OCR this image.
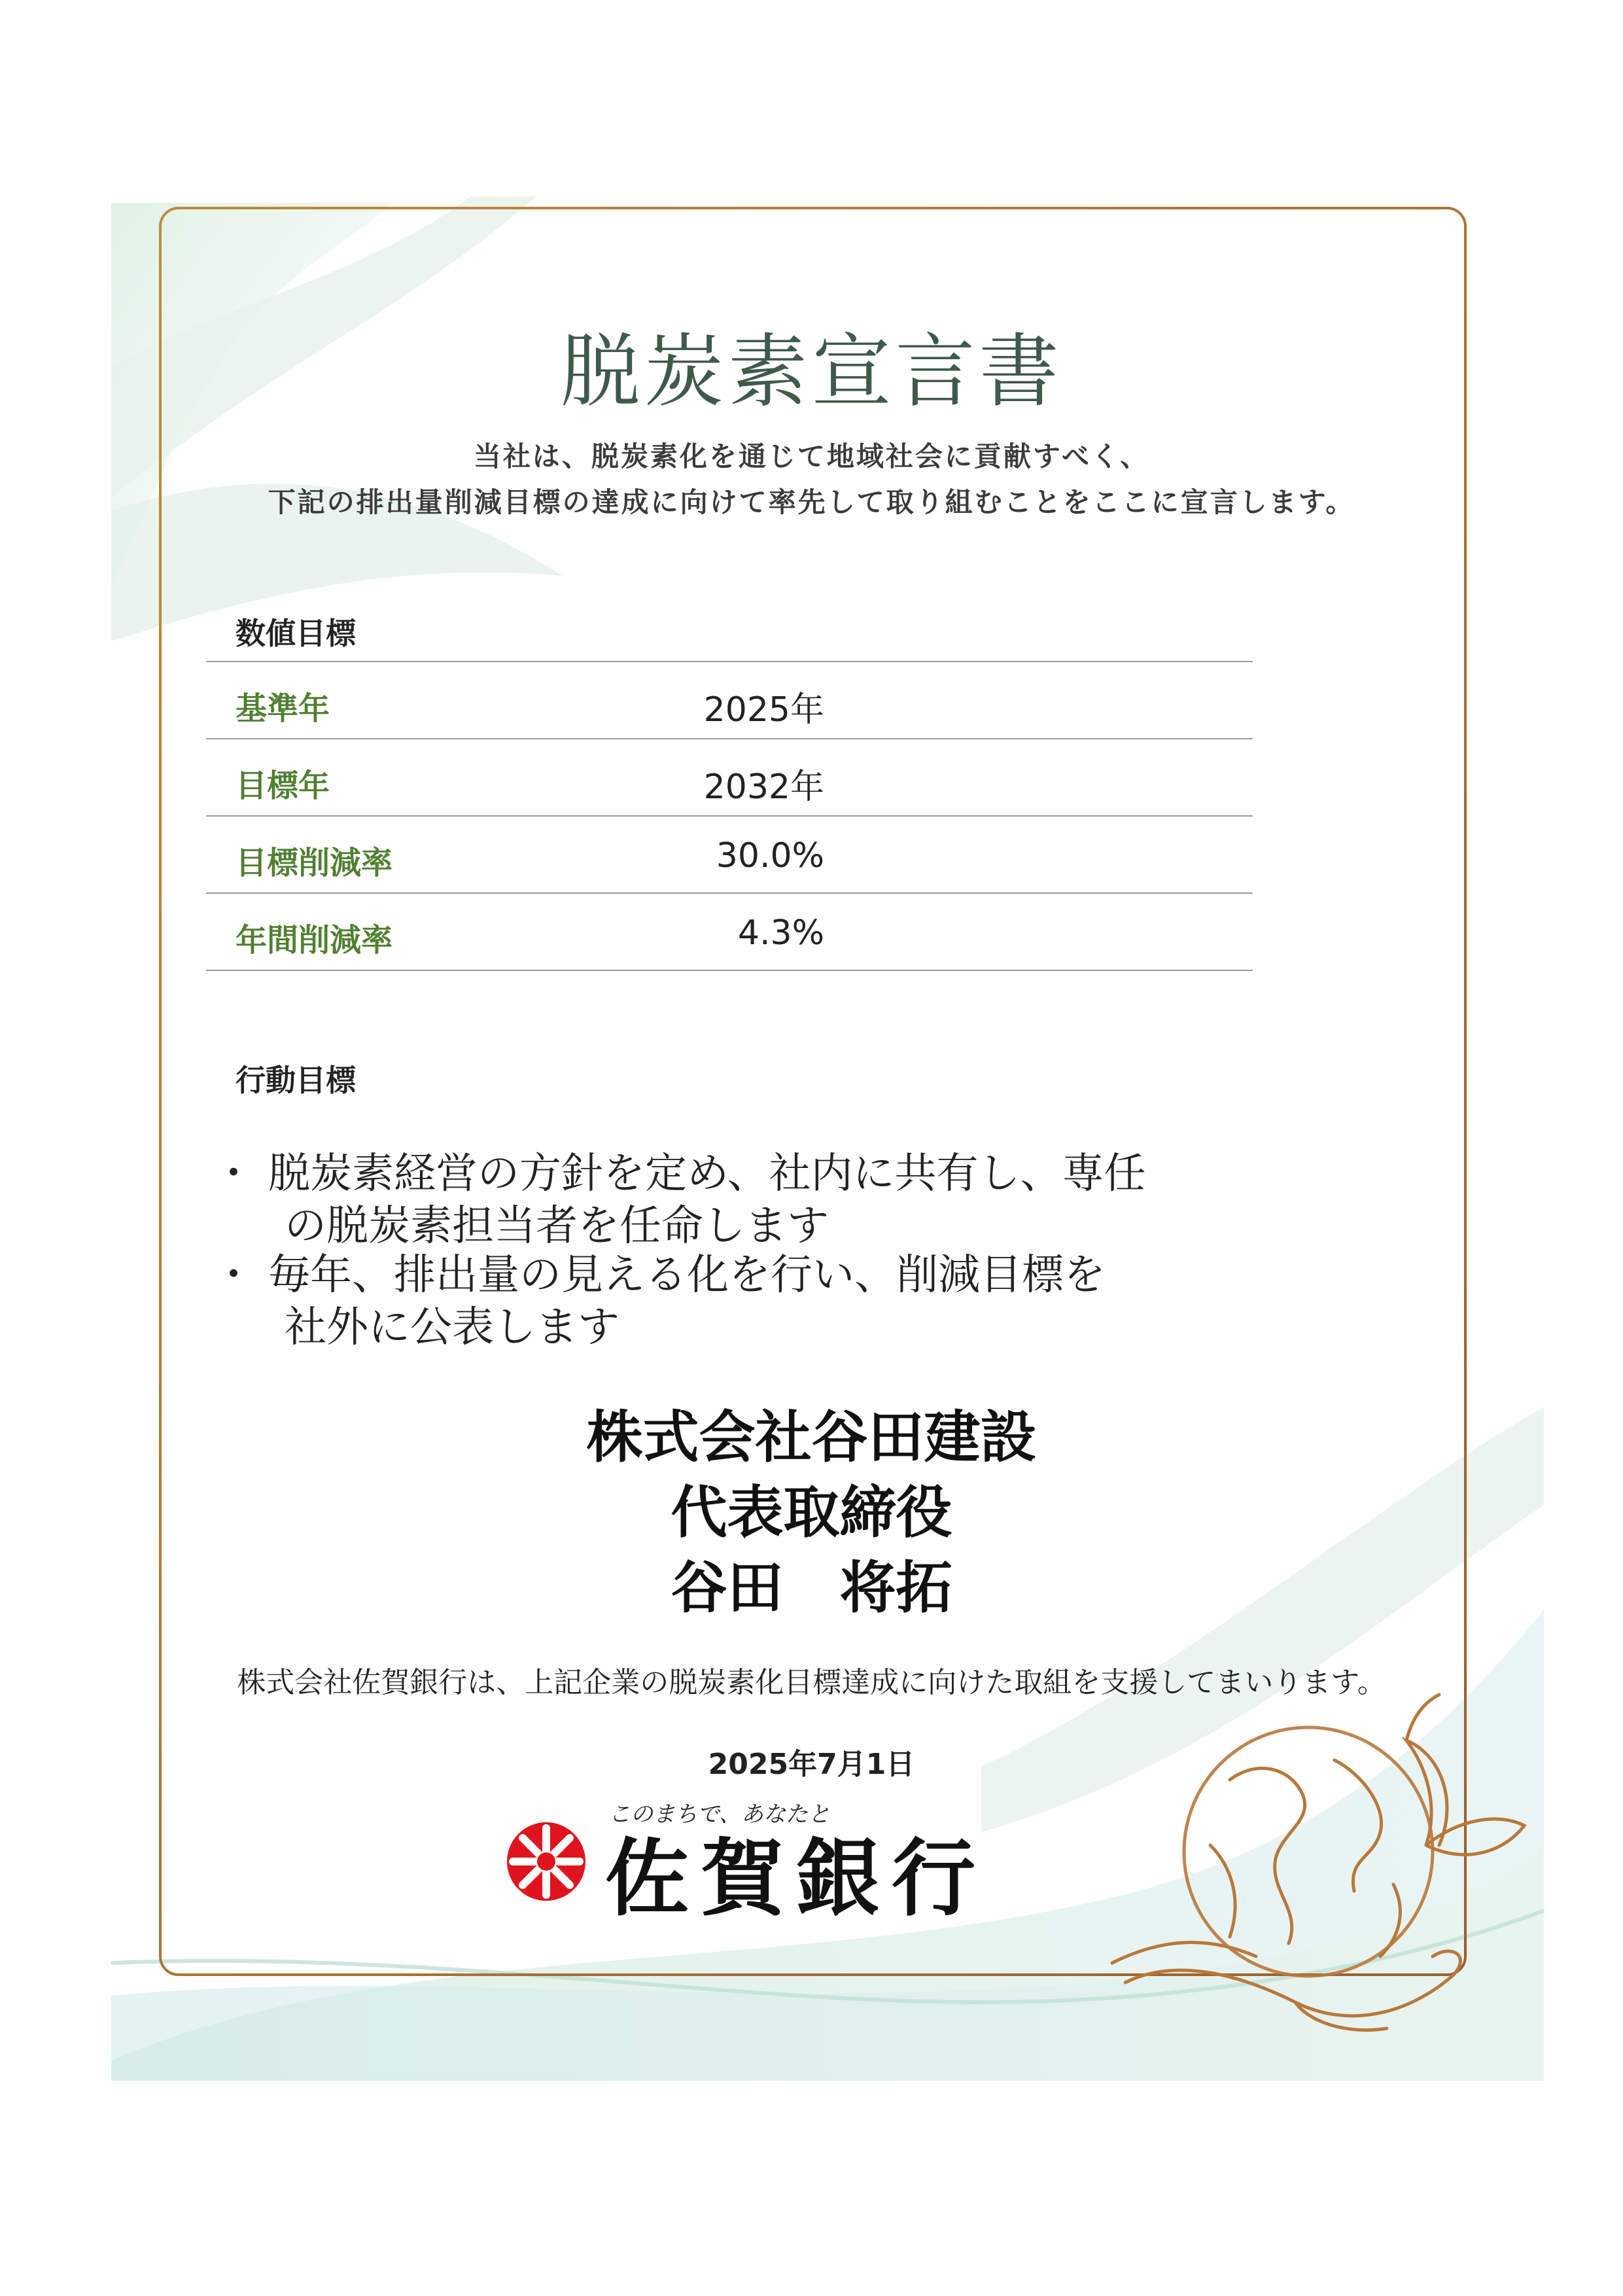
脱炭素宣言書
当社は、脱炭素化を通じて地域社会に貢献すべく、
下記の排出量削減目標の達成に向けて率先して取り組むことをここに宣言します。
数値目標
基準年	2025年
目標年	2032年
目標削減率	30.0%
年間削減率	4.3%
行動目標
・ 脱炭素経営の方針を定め、社内に共有し、専任
の脱炭素担当者を任命します
・ 毎年、排出量の見える化を行い、削減目標を
社外に公表します
株式会社谷田建設
代表取締役
谷田　将拓
株式会社佐賀銀行は、上記企業の脱炭素化目標達成に向けた取組を支援してまいります。
2025年7月1日
このまちで、あなたと
佐賀銀行
